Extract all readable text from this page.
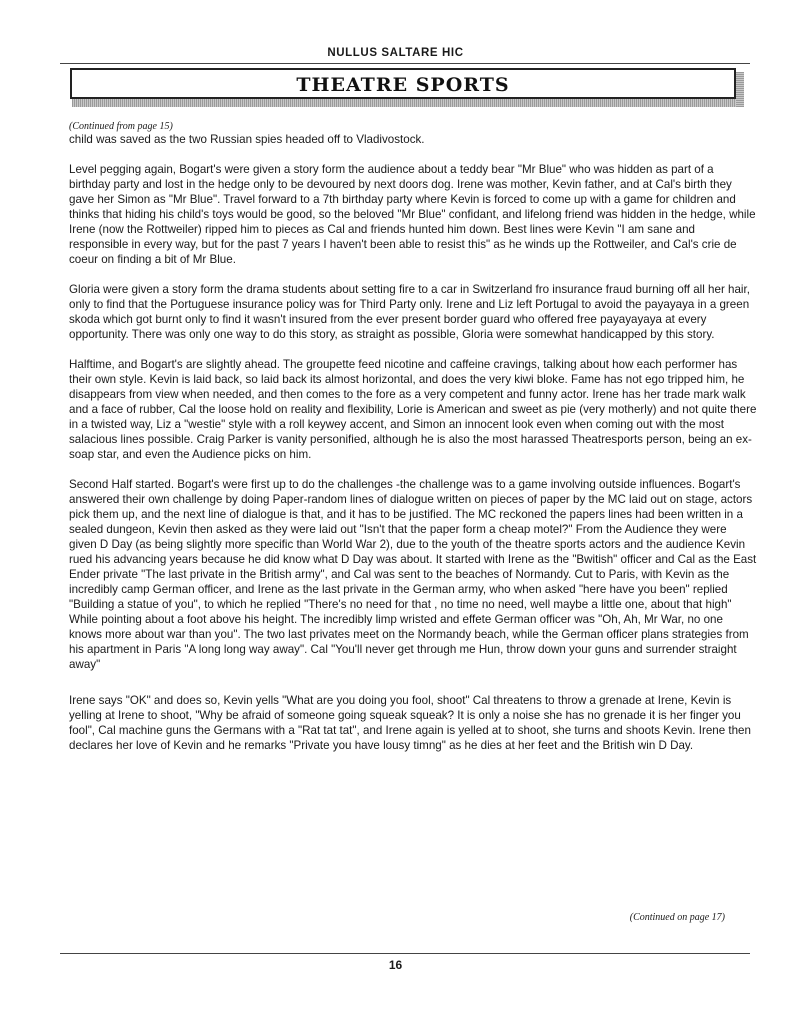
NULLUS SALTARE HIC
THEATRE SPORTS
(Continued from page 15)

child was saved as the two Russian spies headed off to Vladivostock.

Level pegging again, Bogart's were given a story form the audience about a teddy bear "Mr Blue" who was hidden as part of a birthday party and lost in the hedge only to be devoured by next doors dog. Irene was mother, Kevin father, and at Cal's birth they gave her Simon as "Mr Blue". Travel forward to a 7th birthday party where Kevin is forced to come up with a game for children and thinks that hiding his child's toys would be good, so the beloved "Mr Blue" confidant, and lifelong friend was hidden in the hedge, while Irene (now the Rottweiler) ripped him to pieces as Cal and friends hunted him down. Best lines were Kevin "I am sane and responsible in every way, but for the past 7 years I haven't been able to resist this" as he winds up the Rottweiler, and Cal's crie de coeur on finding a bit of Mr Blue.

Gloria were given a story form the drama students about setting fire to a car in Switzerland fro insurance fraud burning off all her hair, only to find that the Portuguese insurance policy was for Third Party only. Irene and Liz left Portugal to avoid the payayaya in a green skoda which got burnt only to find it wasn't insured from the ever present border guard who offered free payayayaya at every opportunity. There was only one way to do this story, as straight as possible, Gloria were somewhat handicapped by this story.

Halftime, and Bogart's are slightly ahead. The groupette feed nicotine and caffeine cravings, talking about how each performer has their own style. Kevin is laid back, so laid back its almost horizontal, and does the very kiwi bloke. Fame has not ego tripped him, he disappears from view when needed, and then comes to the fore as a very competent and funny actor. Irene has her trade mark walk and a face of rubber, Cal the loose hold on reality and flexibility, Lorie is American and sweet as pie (very motherly) and not quite there in a twisted way, Liz a "westie" style with a roll keywey accent, and Simon an innocent look even when coming out with the most salacious lines possible. Craig Parker is vanity personified, although he is also the most harassed Theatresports person, being an ex-soap star, and even the Audience picks on him.

Second Half started. Bogart's were first up to do the challenges -the challenge was to a game involving outside influences. Bogart's answered their own challenge by doing Paper-random lines of dialogue written on pieces of paper by the MC laid out on stage, actors pick them up, and the next line of dialogue is that, and it has to be justified. The MC reckoned the papers lines had been written in a sealed dungeon, Kevin then asked as they were laid out "Isn't that the paper form a cheap motel?" From the Audience they were given D Day (as being slightly more specific than World War 2), due to the youth of the theatre sports actors and the audience Kevin rued his advancing years because he did know what D Day was about. It started with Irene as the "Bwitish" officer and Cal as the East Ender private "The last private in the British army", and Cal was sent to the beaches of Normandy. Cut to Paris, with Kevin as the incredibly camp German officer, and Irene as the last private in the German army, who when asked "here have you been" replied "Building a statue of you", to which he replied "There's no need for that , no time no need, well maybe a little one, about that high" While pointing about a foot above his height. The incredibly limp wristed and effete German officer was "Oh, Ah, Mr War, no one knows more about war than you". The two last privates meet on the Normandy beach, while the German officer plans strategies from his apartment in Paris "A long long way away". Cal "You'll never get through me Hun, throw down your guns and surrender straight away"

Irene says "OK" and does so, Kevin yells "What are you doing you fool, shoot" Cal threatens to throw a grenade at Irene, Kevin is yelling at Irene to shoot, "Why be afraid of someone going squeak squeak? It is only a noise she has no grenade it is her finger you fool", Cal machine guns the Germans with a "Rat tat tat", and Irene again is yelled at to shoot, she turns and shoots Kevin. Irene then declares her love of Kevin and he remarks "Private you have lousy timng" as he dies at her feet and the British win D Day.

(Continued on page 17)
16
